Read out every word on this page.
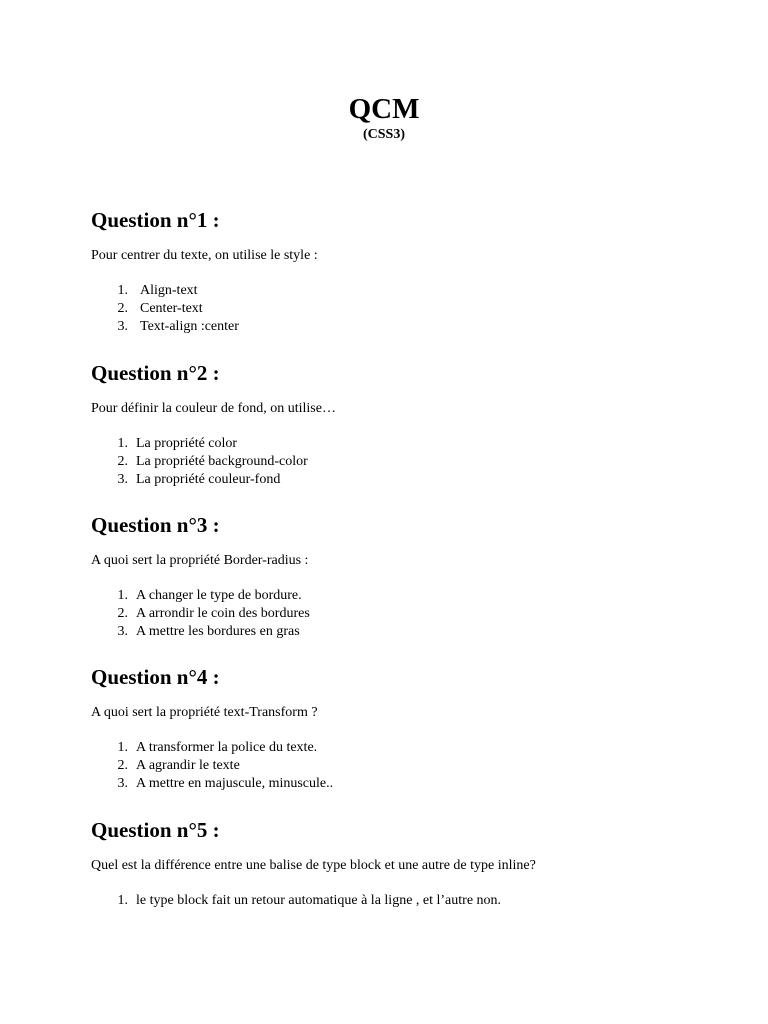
QCM
(CSS3)
Question n°1 :

Pour centrer du texte, on utilise le style :

1. Align-text
2. Center-text
3. Text-align :center
Question n°2 :

Pour définir la couleur de fond, on utilise…

1. La propriété color
2. La propriété background-color
3. La propriété couleur-fond
Question n°3 :

A quoi sert la propriété Border-radius :

1. A changer le type de bordure.
2. A arrondir le coin des bordures
3. A mettre les bordures en gras
Question n°4 :

A quoi sert la propriété text-Transform ?

1. A transformer la police du texte.
2. A agrandir le texte
3. A mettre en majuscule, minuscule..
Question n°5 :

Quel est la différence entre une balise de type block et une autre de type inline?

1. le type block fait un retour automatique à la ligne , et l’autre non.
